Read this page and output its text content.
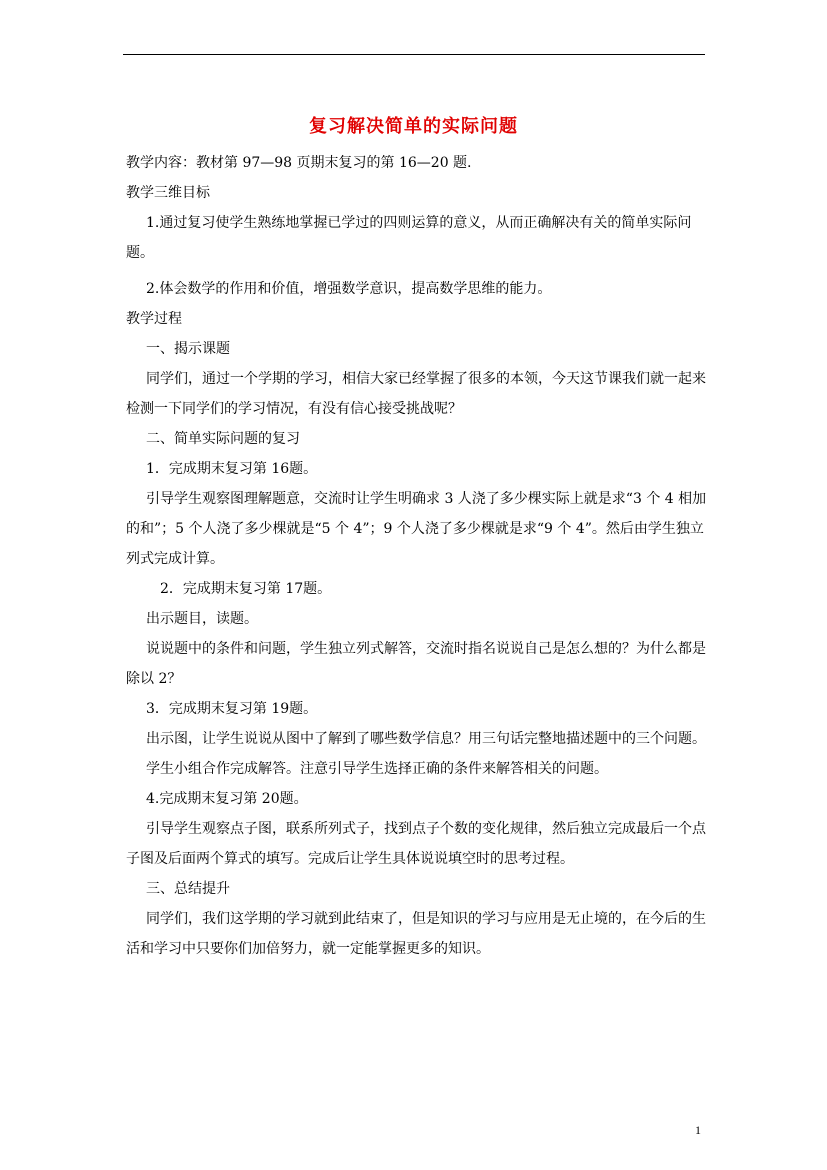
复习解决简单的实际问题

教学内容：教材第 97—98 页期末复习的第 16—20 题.

教学三维目标

1.通过复习使学生熟练地掌握已学过的四则运算的意义，从而正确解决有关的简单实际问题。

2.体会数学的作用和价值，增强数学意识，提高数学思维的能力。

教学过程

一、揭示课题

同学们，通过一个学期的学习，相信大家已经掌握了很多的本领，今天这节课我们就一起来检测一下同学们的学习情况，有没有信心接受挑战呢？

二、简单实际问题的复习

1．完成期末复习第 16题。

引导学生观察图理解题意，交流时让学生明确求 3 人浇了多少棵实际上就是求“3 个 4 相加的和”；5 个人浇了多少棵就是“5 个 4”；9 个人浇了多少棵就是求“9 个 4”。然后由学生独立列式完成计算。

2．完成期末复习第 17题。

出示题目，读题。

说说题中的条件和问题，学生独立列式解答，交流时指名说说自己是怎么想的？为什么都是除以 2？

3．完成期末复习第 19题。

出示图，让学生说说从图中了解到了哪些数学信息？用三句话完整地描述题中的三个问题。

学生小组合作完成解答。注意引导学生选择正确的条件来解答相关的问题。

4.完成期末复习第 20题。

引导学生观察点子图，联系所列式子，找到点子个数的变化规律，然后独立完成最后一个点子图及后面两个算式的填写。完成后让学生具体说说填空时的思考过程。

三、总结提升

同学们，我们这学期的学习就到此结束了，但是知识的学习与应用是无止境的，在今后的生活和学习中只要你们加倍努力，就一定能掌握更多的知识。

1
